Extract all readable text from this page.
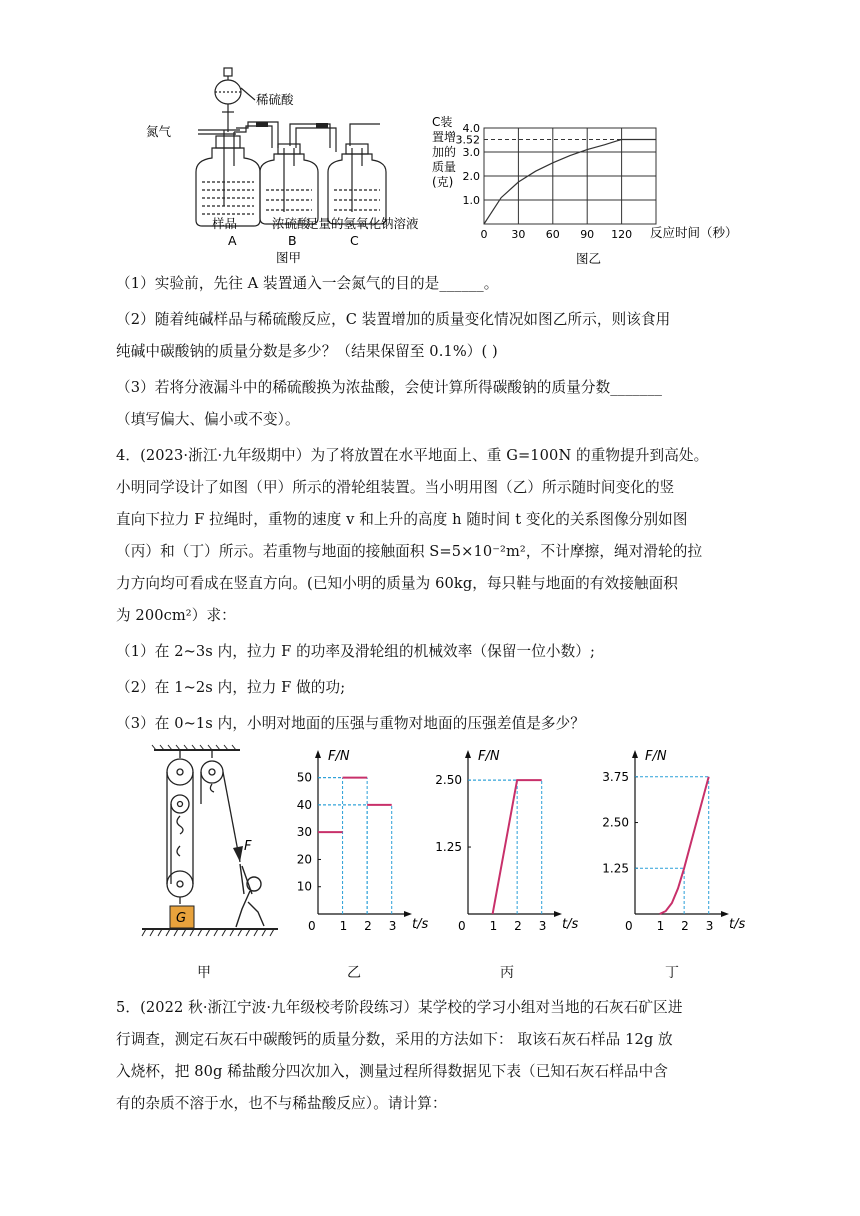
稀硫酸
氮气
样品	浓硫酸
足量的氢氧化钠溶液
A	B	C
图甲
C装
置增
加的
质量
(克)
1.0
2.0
3.0
3.52
4.0
0 30 60 90 120 反应时间（秒）
图乙
（1）实验前，先往 A 装置通入一会氮气的目的是______。
（2）随着纯碱样品与稀硫酸反应，C 装置增加的质量变化情况如图乙所示，则该食用
纯碱中碳酸钠的质量分数是多少？（结果保留至 0.1%）( )
（3）若将分液漏斗中的稀硫酸换为浓盐酸，会使计算所得碳酸钠的质量分数_______
（填写偏大、偏小或不变）。
4．(2023·浙江·九年级期中）为了将放置在水平地面上、重 G=100N 的重物提升到高处。
小明同学设计了如图（甲）所示的滑轮组装置。当小明用图（乙）所示随时间变化的竖
直向下拉力 F 拉绳时，重物的速度 v 和上升的高度 h 随时间 t 变化的关系图像分别如图
（丙）和（丁）所示。若重物与地面的接触面积 S=5×10⁻²m²，不计摩擦，绳对滑轮的拉
力方向均可看成在竖直方向。(已知小明的质量为 60kg，每只鞋与地面的有效接触面积
为 200cm²）求：
（1）在 2~3s 内，拉力 F 的功率及滑轮组的机械效率（保留一位小数）;
（2）在 1~2s 内，拉力 F 做的功;
（3）在 0~1s 内，小明对地面的压强与重物对地面的压强差值是多少？
F
G
F/N
t/s
0 1 2 3
50
40
30
20
10
F/N
t/s
0 1 2 3
2.50
1.25
F/N
t/s
0 1 2 3
3.75
2.50
1.25
甲	乙	丙	丁
5．(2022 秋·浙江宁波·九年级校考阶段练习）某学校的学习小组对当地的石灰石矿区进
行调查，测定石灰石中碳酸钙的质量分数，采用的方法如下： 取该石灰石样品 12g 放
入烧杯，把 80g 稀盐酸分四次加入，测量过程所得数据见下表（已知石灰石样品中含
有的杂质不溶于水，也不与稀盐酸反应）。请计算：
